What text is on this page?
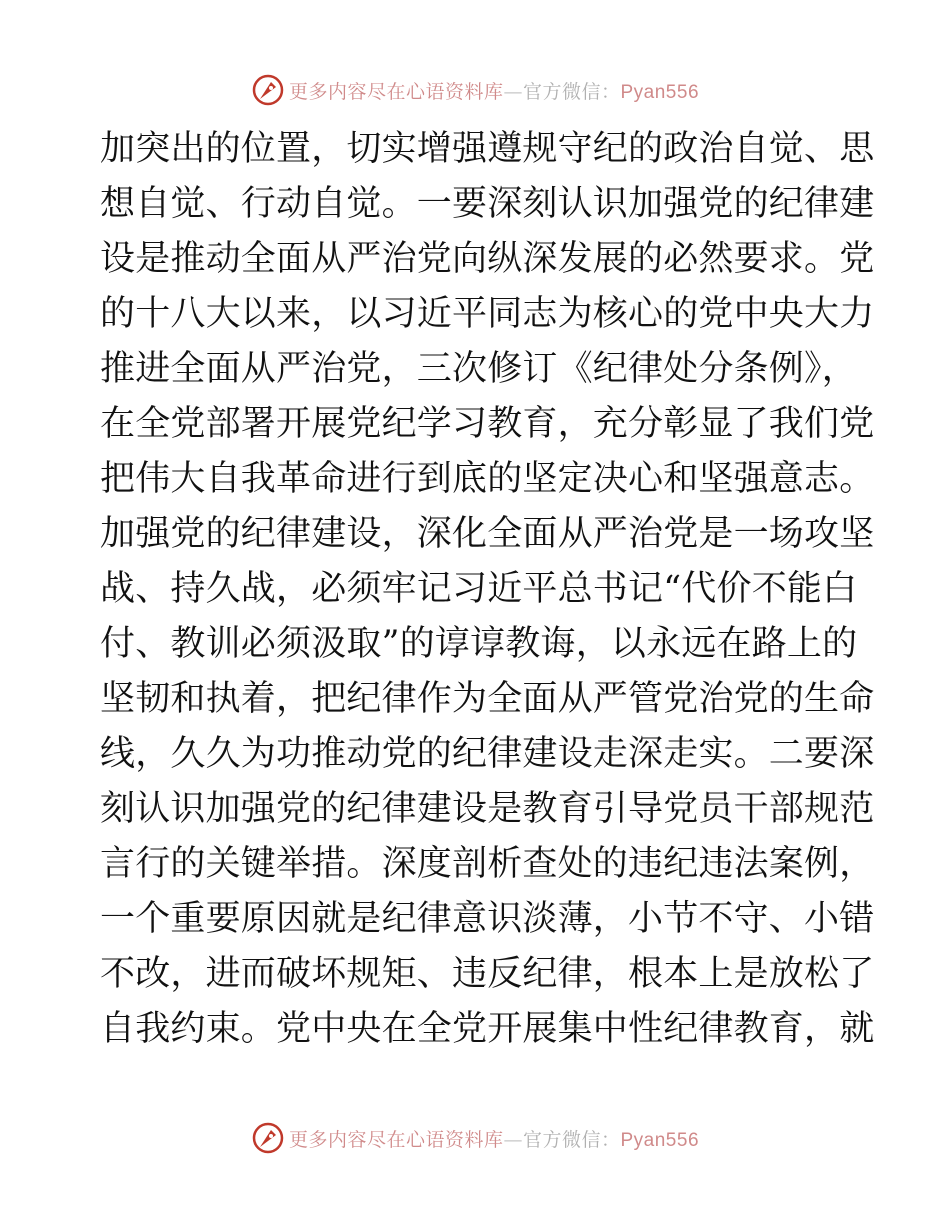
更多内容尽在心语资料库—官方微信：Pyan556
加突出的位置，切实增强遵规守纪的政治自觉、思
想自觉、行动自觉。一要深刻认识加强党的纪律建
设是推动全面从严治党向纵深发展的必然要求。党
的十八大以来，以习近平同志为核心的党中央大力
推进全面从严治党，三次修订《纪律处分条例》，
在全党部署开展党纪学习教育，充分彰显了我们党
把伟大自我革命进行到底的坚定决心和坚强意志。
加强党的纪律建设，深化全面从严治党是一场攻坚
战、持久战，必须牢记习近平总书记“代价不能白
付、教训必须汲取”的谆谆教诲，以永远在路上的
坚韧和执着，把纪律作为全面从严管党治党的生命
线，久久为功推动党的纪律建设走深走实。二要深
刻认识加强党的纪律建设是教育引导党员干部规范
言行的关键举措。深度剖析查处的违纪违法案例，
一个重要原因就是纪律意识淡薄，小节不守、小错
不改，进而破坏规矩、违反纪律，根本上是放松了
自我约束。党中央在全党开展集中性纪律教育，就
更多内容尽在心语资料库—官方微信：Pyan556
